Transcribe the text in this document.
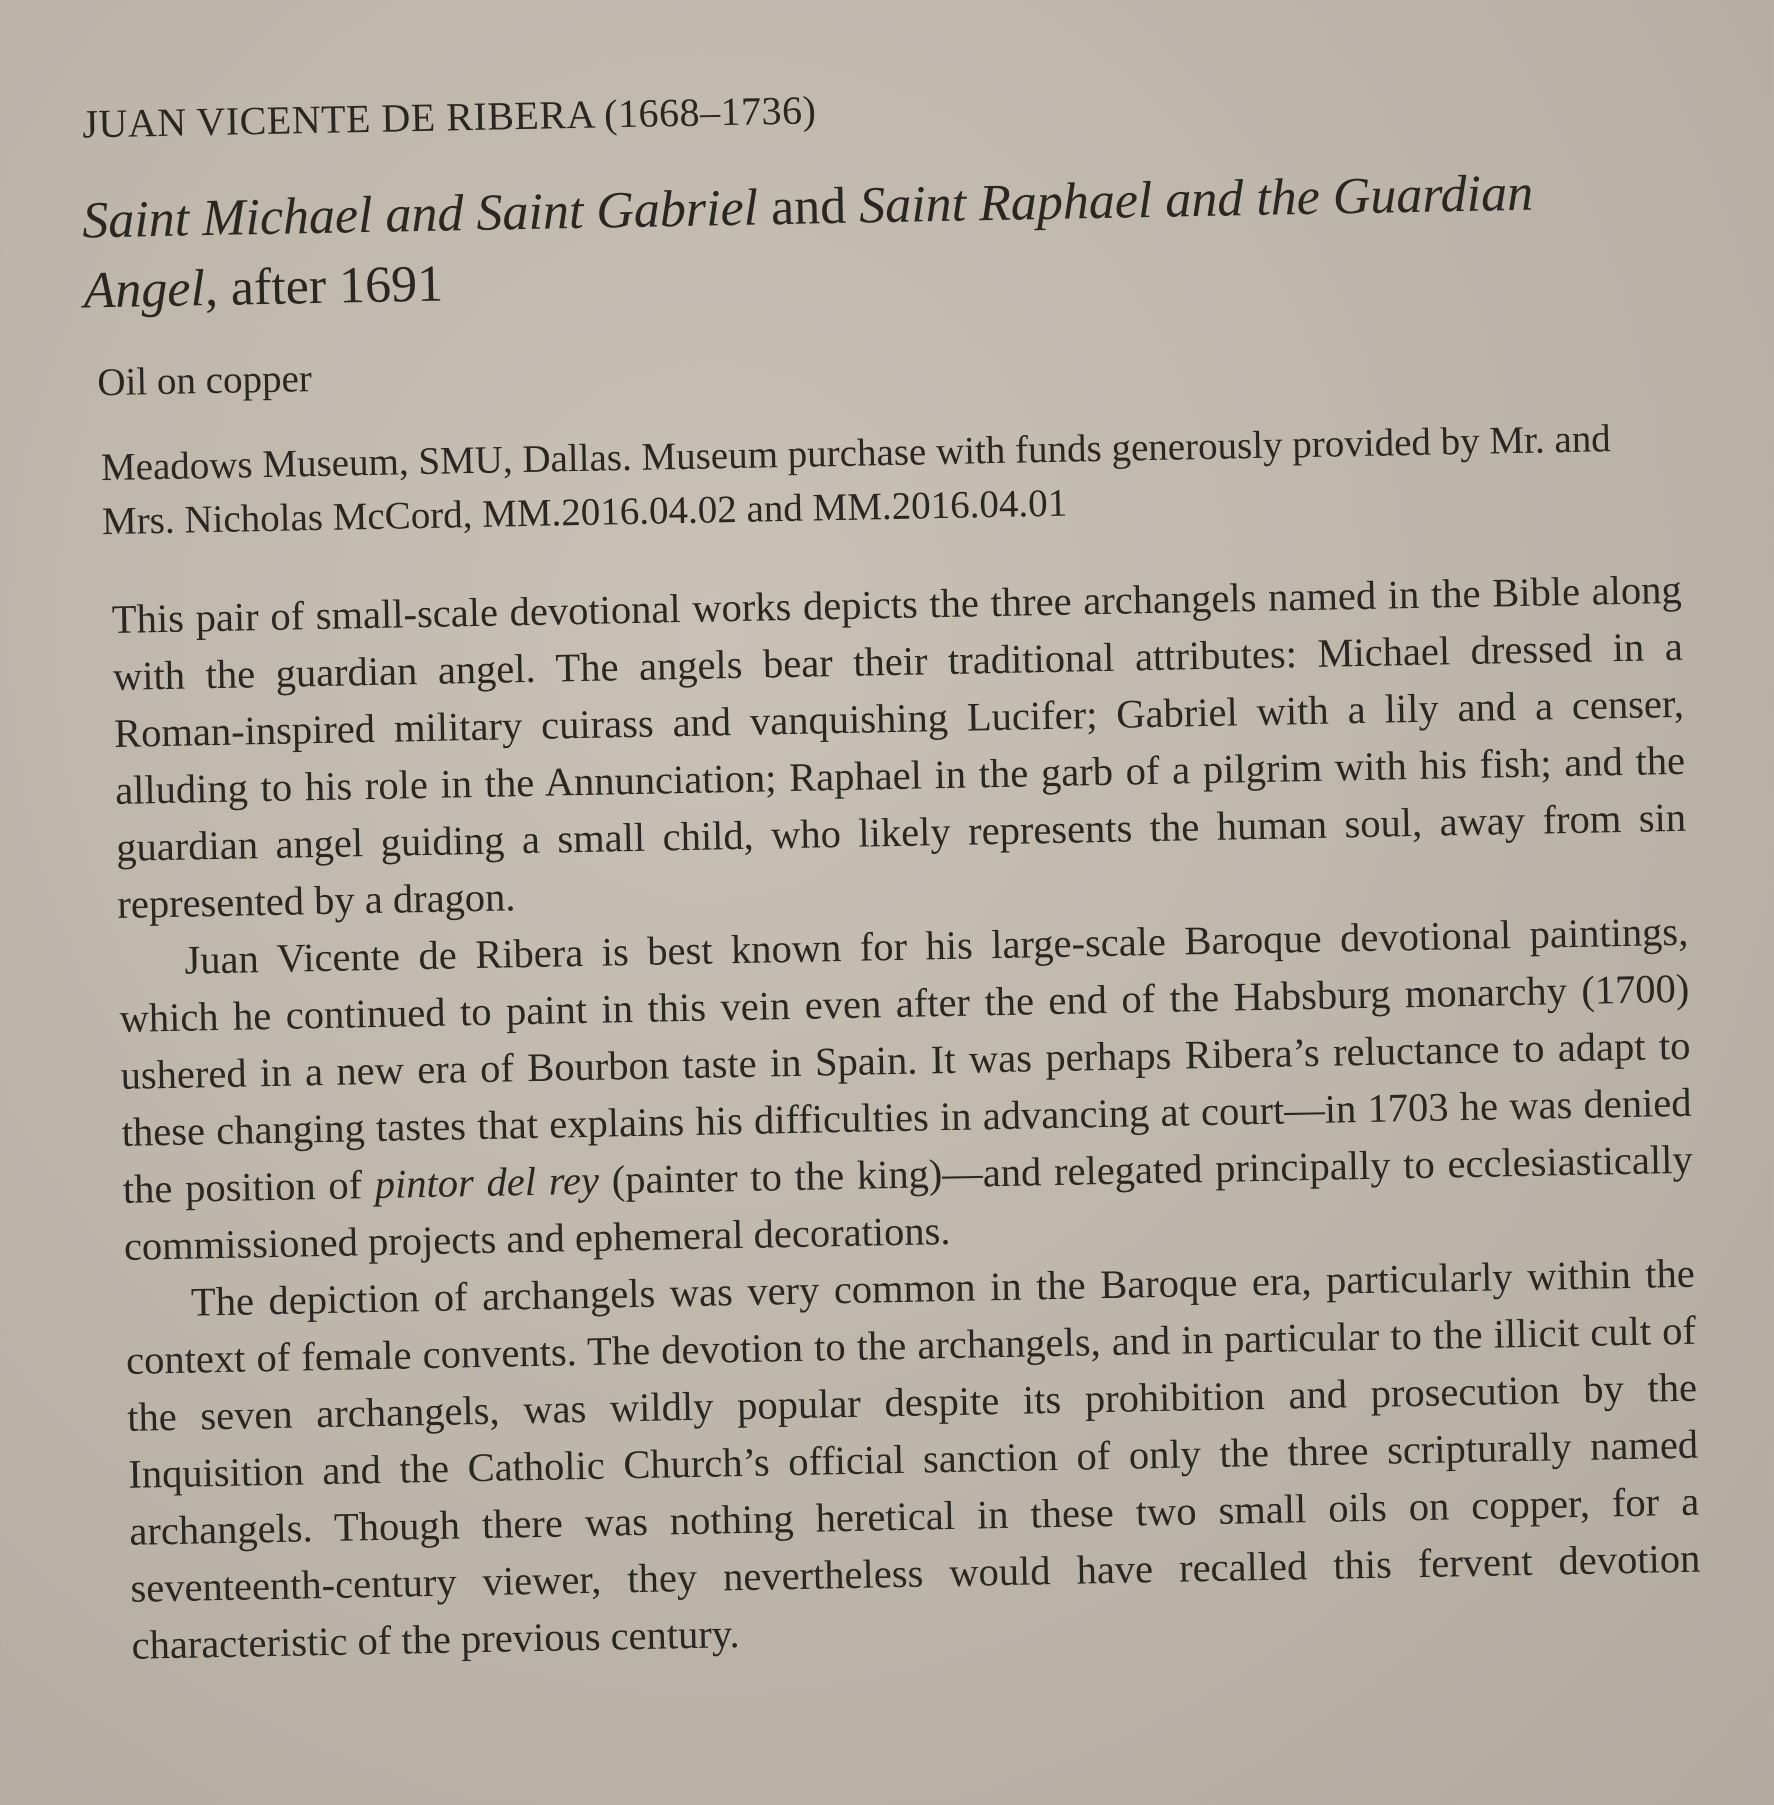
JUAN VICENTE DE RIBERA (1668–1736)
Saint Michael and Saint Gabriel and Saint Raphael and the Guardian Angel, after 1691
Oil on copper
Meadows Museum, SMU, Dallas. Museum purchase with funds generously provided by Mr. and Mrs. Nicholas McCord, MM.2016.04.02 and MM.2016.04.01

This pair of small-scale devotional works depicts the three archangels named in the Bible along with the guardian angel. The angels bear their traditional attributes: Michael dressed in a Roman-inspired military cuirass and vanquishing Lucifer; Gabriel with a lily and a censer, alluding to his role in the Annunciation; Raphael in the garb of a pilgrim with his fish; and the guardian angel guiding a small child, who likely represents the human soul, away from sin represented by a dragon.

Juan Vicente de Ribera is best known for his large-scale Baroque devotional paintings, which he continued to paint in this vein even after the end of the Habsburg monarchy (1700) ushered in a new era of Bourbon taste in Spain. It was perhaps Ribera’s reluctance to adapt to these changing tastes that explains his difficulties in advancing at court—in 1703 he was denied the position of pintor del rey (painter to the king)—and relegated principally to ecclesiastically commissioned projects and ephemeral decorations.

The depiction of archangels was very common in the Baroque era, particularly within the context of female convents. The devotion to the archangels, and in particular to the illicit cult of the seven archangels, was wildly popular despite its prohibition and prosecution by the Inquisition and the Catholic Church’s official sanction of only the three scripturally named archangels. Though there was nothing heretical in these two small oils on copper, for a seventeenth-century viewer, they nevertheless would have recalled this fervent devotion characteristic of the previous century.
